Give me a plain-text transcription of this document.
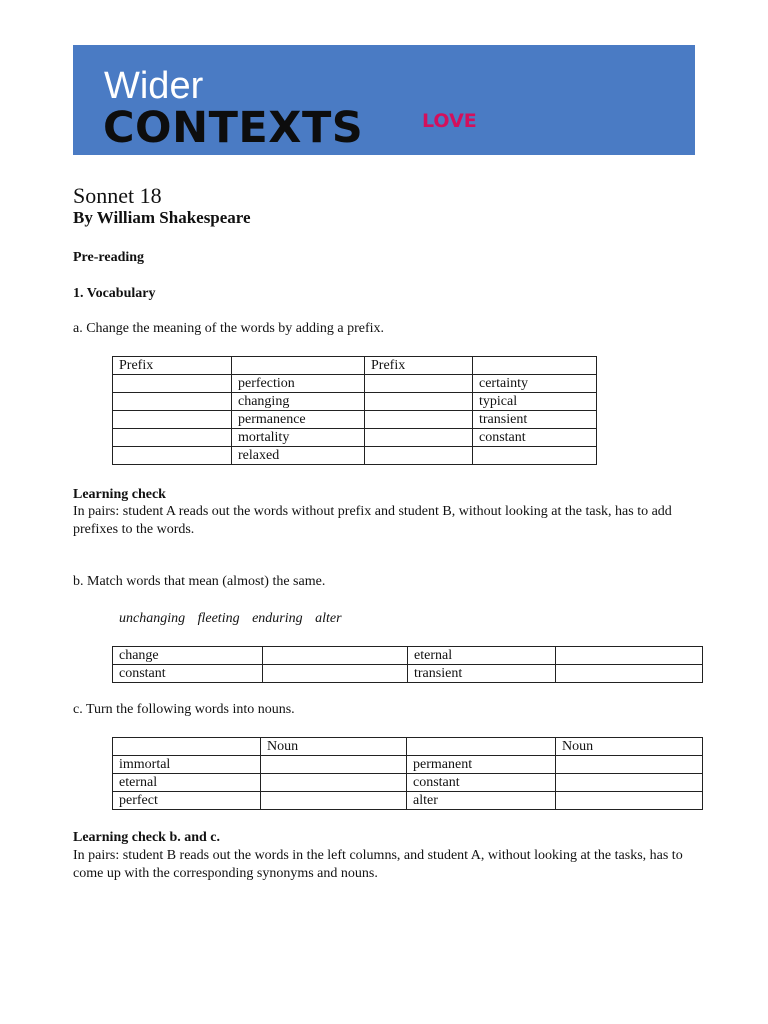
Wider
CONTEXTS	LOVE
Sonnet 18
By William Shakespeare
Pre-reading
1. Vocabulary
a. Change the meaning of the words by adding a prefix.
Prefix		Prefix	
	perfection		certainty
	changing		typical
	permanence		transient
	mortality		constant
	relaxed		
Learning check
In pairs: student A reads out the words without prefix and student B, without looking at the task, has to add prefixes to the words.
b. Match words that mean (almost) the same.
unchanging fleeting enduring alter
change		eternal	
constant		transient	
c. Turn the following words into nouns.
	Noun		Noun
immortal		permanent	
eternal		constant	
perfect		alter	
Learning check b. and c.
In pairs: student B reads out the words in the left columns, and student A, without looking at the tasks, has to come up with the corresponding synonyms and nouns.
